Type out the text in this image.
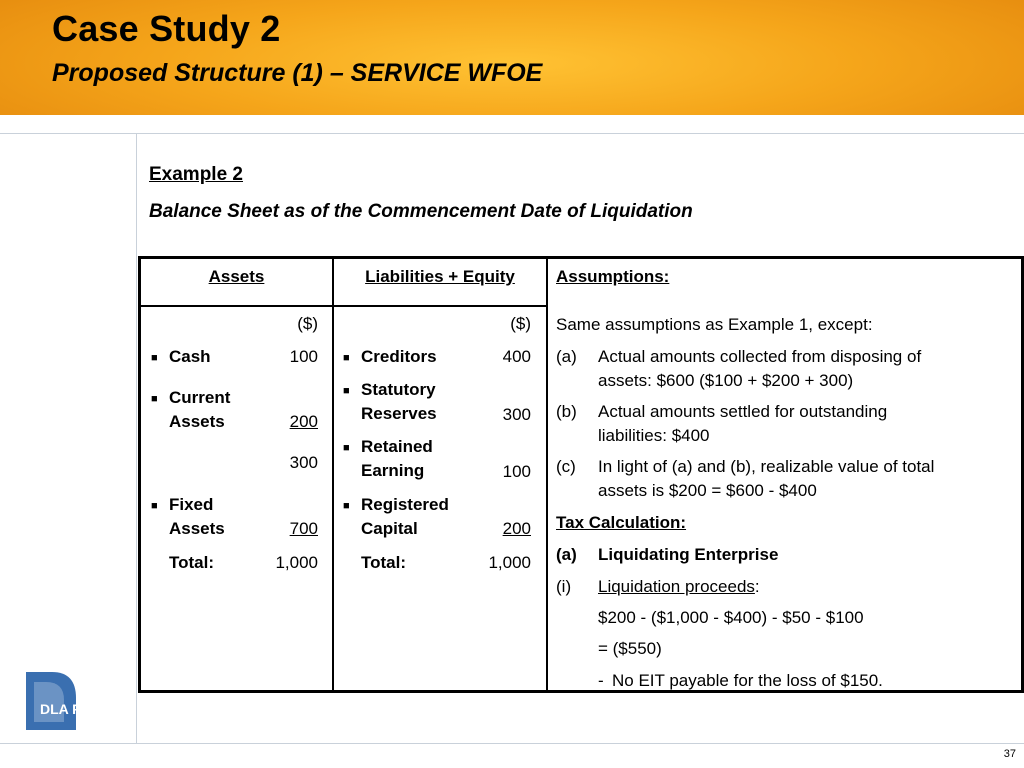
Case Study 2
Proposed Structure (1) – SERVICE WFOE
Example 2
Balance Sheet as of the Commencement Date of Liquidation
Assets	Liabilities + Equity	Assumptions:
($)
■ Cash	100
■ Current
Assets	200
300
■ Fixed
Assets	700
Total:	1,000
($)
■ Creditors	400
■ Statutory
Reserves	300
■ Retained
Earning	100
■ Registered
Capital	200
Total:	1,000
Same assumptions as Example 1, except:
(a) Actual amounts collected from disposing of
assets: $600 ($100 + $200 + 300)
(b) Actual amounts settled for outstanding
liabilities: $400
(c) In light of (a) and (b), realizable value of total
assets is $200 = $600 - $400
Tax Calculation:
(a) Liquidating Enterprise
(i) Liquidation proceeds:
$200 - ($1,000 - $400) - $50 - $100
= ($550)
- No EIT payable for the loss of $150.
DLA PIPER
37
